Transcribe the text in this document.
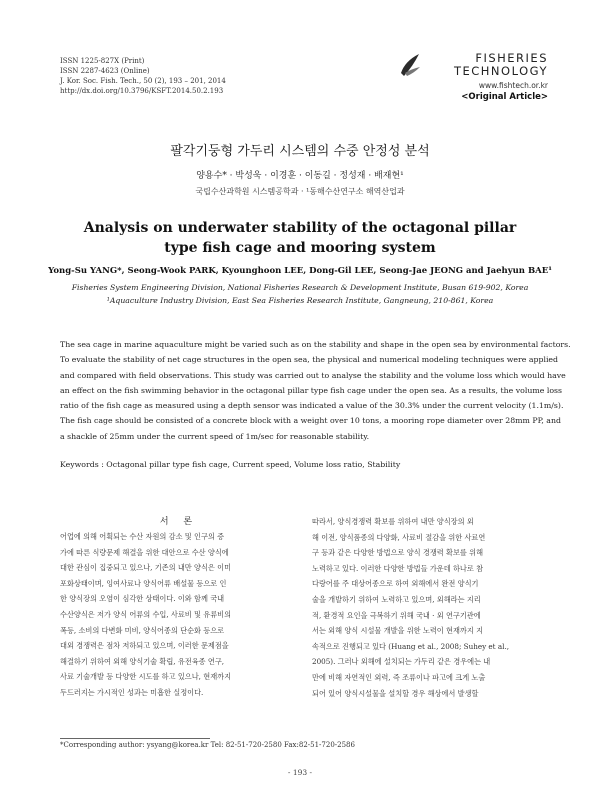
ISSN 1225-827X (Print)
ISSN 2287-4623 (Online)
J. Kor. Soc. Fish. Tech., 50 (2), 193 – 201, 2014
http://dx.doi.org/10.3796/KSFT.2014.50.2.193
FISHERIES
TECHNOLOGY
www.fishtech.or.kr
<Original Article>
팔각기둥형 가두리 시스템의 수중 안정성 분석
양용수* · 박성욱 · 이경훈 · 이동길 · 정성재 · 배재현¹
국립수산과학원 시스템공학과 · ¹동해수산연구소 해역산업과
Analysis on underwater stability of the octagonal pillar
type fish cage and mooring system
Yong-Su YANG*, Seong-Wook PARK, Kyounghoon LEE, Dong-Gil LEE, Seong-Jae JEONG and Jaehyun BAE¹
Fisheries System Engineering Division, National Fisheries Research & Development Institute, Busan 619-902, Korea
¹Aquaculture Industry Division, East Sea Fisheries Research Institute, Gangneung, 210-861, Korea
The sea cage in marine aquaculture might be varied such as on the stability and shape in the open sea by environmental factors.
To evaluate the stability of net cage structures in the open sea, the physical and numerical modeling techniques were applied
and compared with field observations. This study was carried out to analyse the stability and the volume loss which would have
an effect on the fish swimming behavior in the octagonal pillar type fish cage under the open sea. As a results, the volume loss
ratio of the fish cage as measured using a depth sensor was indicated a value of the 30.3% under the current velocity (1.1m/s).
The fish cage should be consisted of a concrete block with a weight over 10 tons, a mooring rope diameter over 28mm PP, and
a shackle of 25mm under the current speed of 1m/sec for reasonable stability.
Keywords : Octagonal pillar type fish cage, Current speed, Volume loss ratio, Stability
서 론
어업에 의해 어획되는 수산 자원의 감소 및 인구의 증
가에 따른 식량문제 해결을 위한 대안으로 수산 양식에
대한 관심이 집중되고 있으나, 기존의 내만 양식은 이미
포화상태이며, 잉여사료나 양식어류 배설물 등으로 인
한 양식장의 오염이 심각한 상태이다. 이와 함께 국내
수산양식은 저가 양식 어류의 수입, 사료비 및 유류비의
폭등, 소비의 다변화 미비, 양식어종의 단순화 등으로
대외 경쟁력은 점차 저하되고 있으며, 이러한 문제점을
해결하기 위하여 외해 양식기술 확립, 유전육종 연구,
사료 기술개발 등 다양한 시도를 하고 있으나, 현재까지
두드러지는 가시적인 성과는 미흡한 실정이다.
따라서, 양식경쟁력 확보를 위하여 내만 양식장의 외
해 이전, 양식품종의 다양화, 사료비 절감을 위한 사료연
구 등과 같은 다양한 방법으로 양식 경쟁력 확보를 위해
노력하고 있다. 이러한 다양한 방법들 가운데 하나로 참
다랑어를 주 대상어종으로 하여 외해에서 완전 양식기
술을 개발하기 위하여 노력하고 있으며, 외해라는 지리
적, 환경적 요인을 극복하기 위해 국내 · 외 연구기관에
서는 외해 양식 시설물 개발을 위한 노력이 현재까지 지
속적으로 진행되고 있다 (Huang et al., 2008; Suhey et al.,
2005). 그러나 외해에 설치되는 가두리 같은 경우에는 내
만에 비해 자연적인 외력, 즉 조류이나 파고에 크게 노출
되어 있어 양식시설물을 설치할 경우 해상에서 발생할
*Corresponding author: ysyang@korea.kr Tel: 82-51-720-2580 Fax:82-51-720-2586
- 193 -
